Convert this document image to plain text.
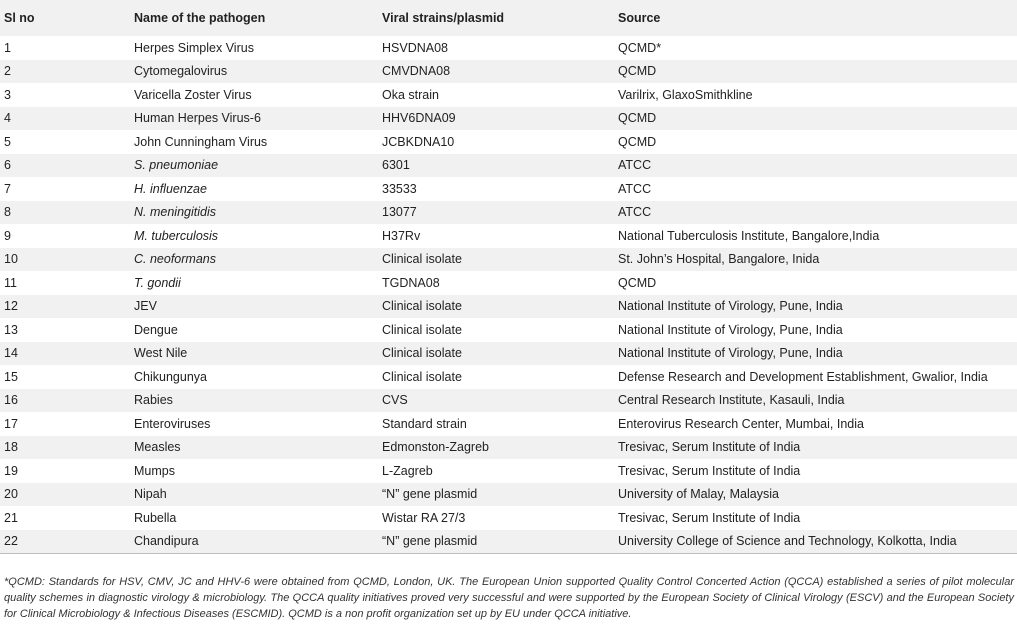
Sl no	Name of the pathogen	Viral strains/plasmid	Source
1	Herpes Simplex Virus	HSVDNA08	QCMD*
2	Cytomegalovirus	CMVDNA08	QCMD
3	Varicella Zoster Virus	Oka strain	Varilrix, GlaxoSmithkline
4	Human Herpes Virus-6	HHV6DNA09	QCMD
5	John Cunningham Virus	JCBKDNA10	QCMD
6	S. pneumoniae	6301	ATCC
7	H. influenzae	33533	ATCC
8	N. meningitidis	13077	ATCC
9	M. tuberculosis	H37Rv	National Tuberculosis Institute, Bangalore,India
10	C. neoformans	Clinical isolate	St. John’s Hospital, Bangalore, Inida
11	T. gondii	TGDNA08	QCMD
12	JEV	Clinical isolate	National Institute of Virology, Pune, India
13	Dengue	Clinical isolate	National Institute of Virology, Pune, India
14	West Nile	Clinical isolate	National Institute of Virology, Pune, India
15	Chikungunya	Clinical isolate	Defense Research and Development Establishment, Gwalior, India
16	Rabies	CVS	Central Research Institute, Kasauli, India
17	Enteroviruses	Standard strain	Enterovirus Research Center, Mumbai, India
18	Measles	Edmonston-Zagreb	Tresivac, Serum Institute of India
19	Mumps	L-Zagreb	Tresivac, Serum Institute of India
20	Nipah	“N” gene plasmid	University of Malay, Malaysia
21	Rubella	Wistar RA 27/3	Tresivac, Serum Institute of India
22	Chandipura	“N” gene plasmid	University College of Science and Technology, Kolkotta, India
*QCMD: Standards for HSV, CMV, JC and HHV-6 were obtained from QCMD, London, UK. The European Union supported Quality Control Concerted Action (QCCA) established a series of pilot molecular quality schemes in diagnostic virology & microbiology. The QCCA quality initiatives proved very successful and were supported by the European Society of Clinical Virology (ESCV) and the European Society for Clinical Microbiology & Infectious Diseases (ESCMID). QCMD is a non profit organization set up by EU under QCCA initiative.
